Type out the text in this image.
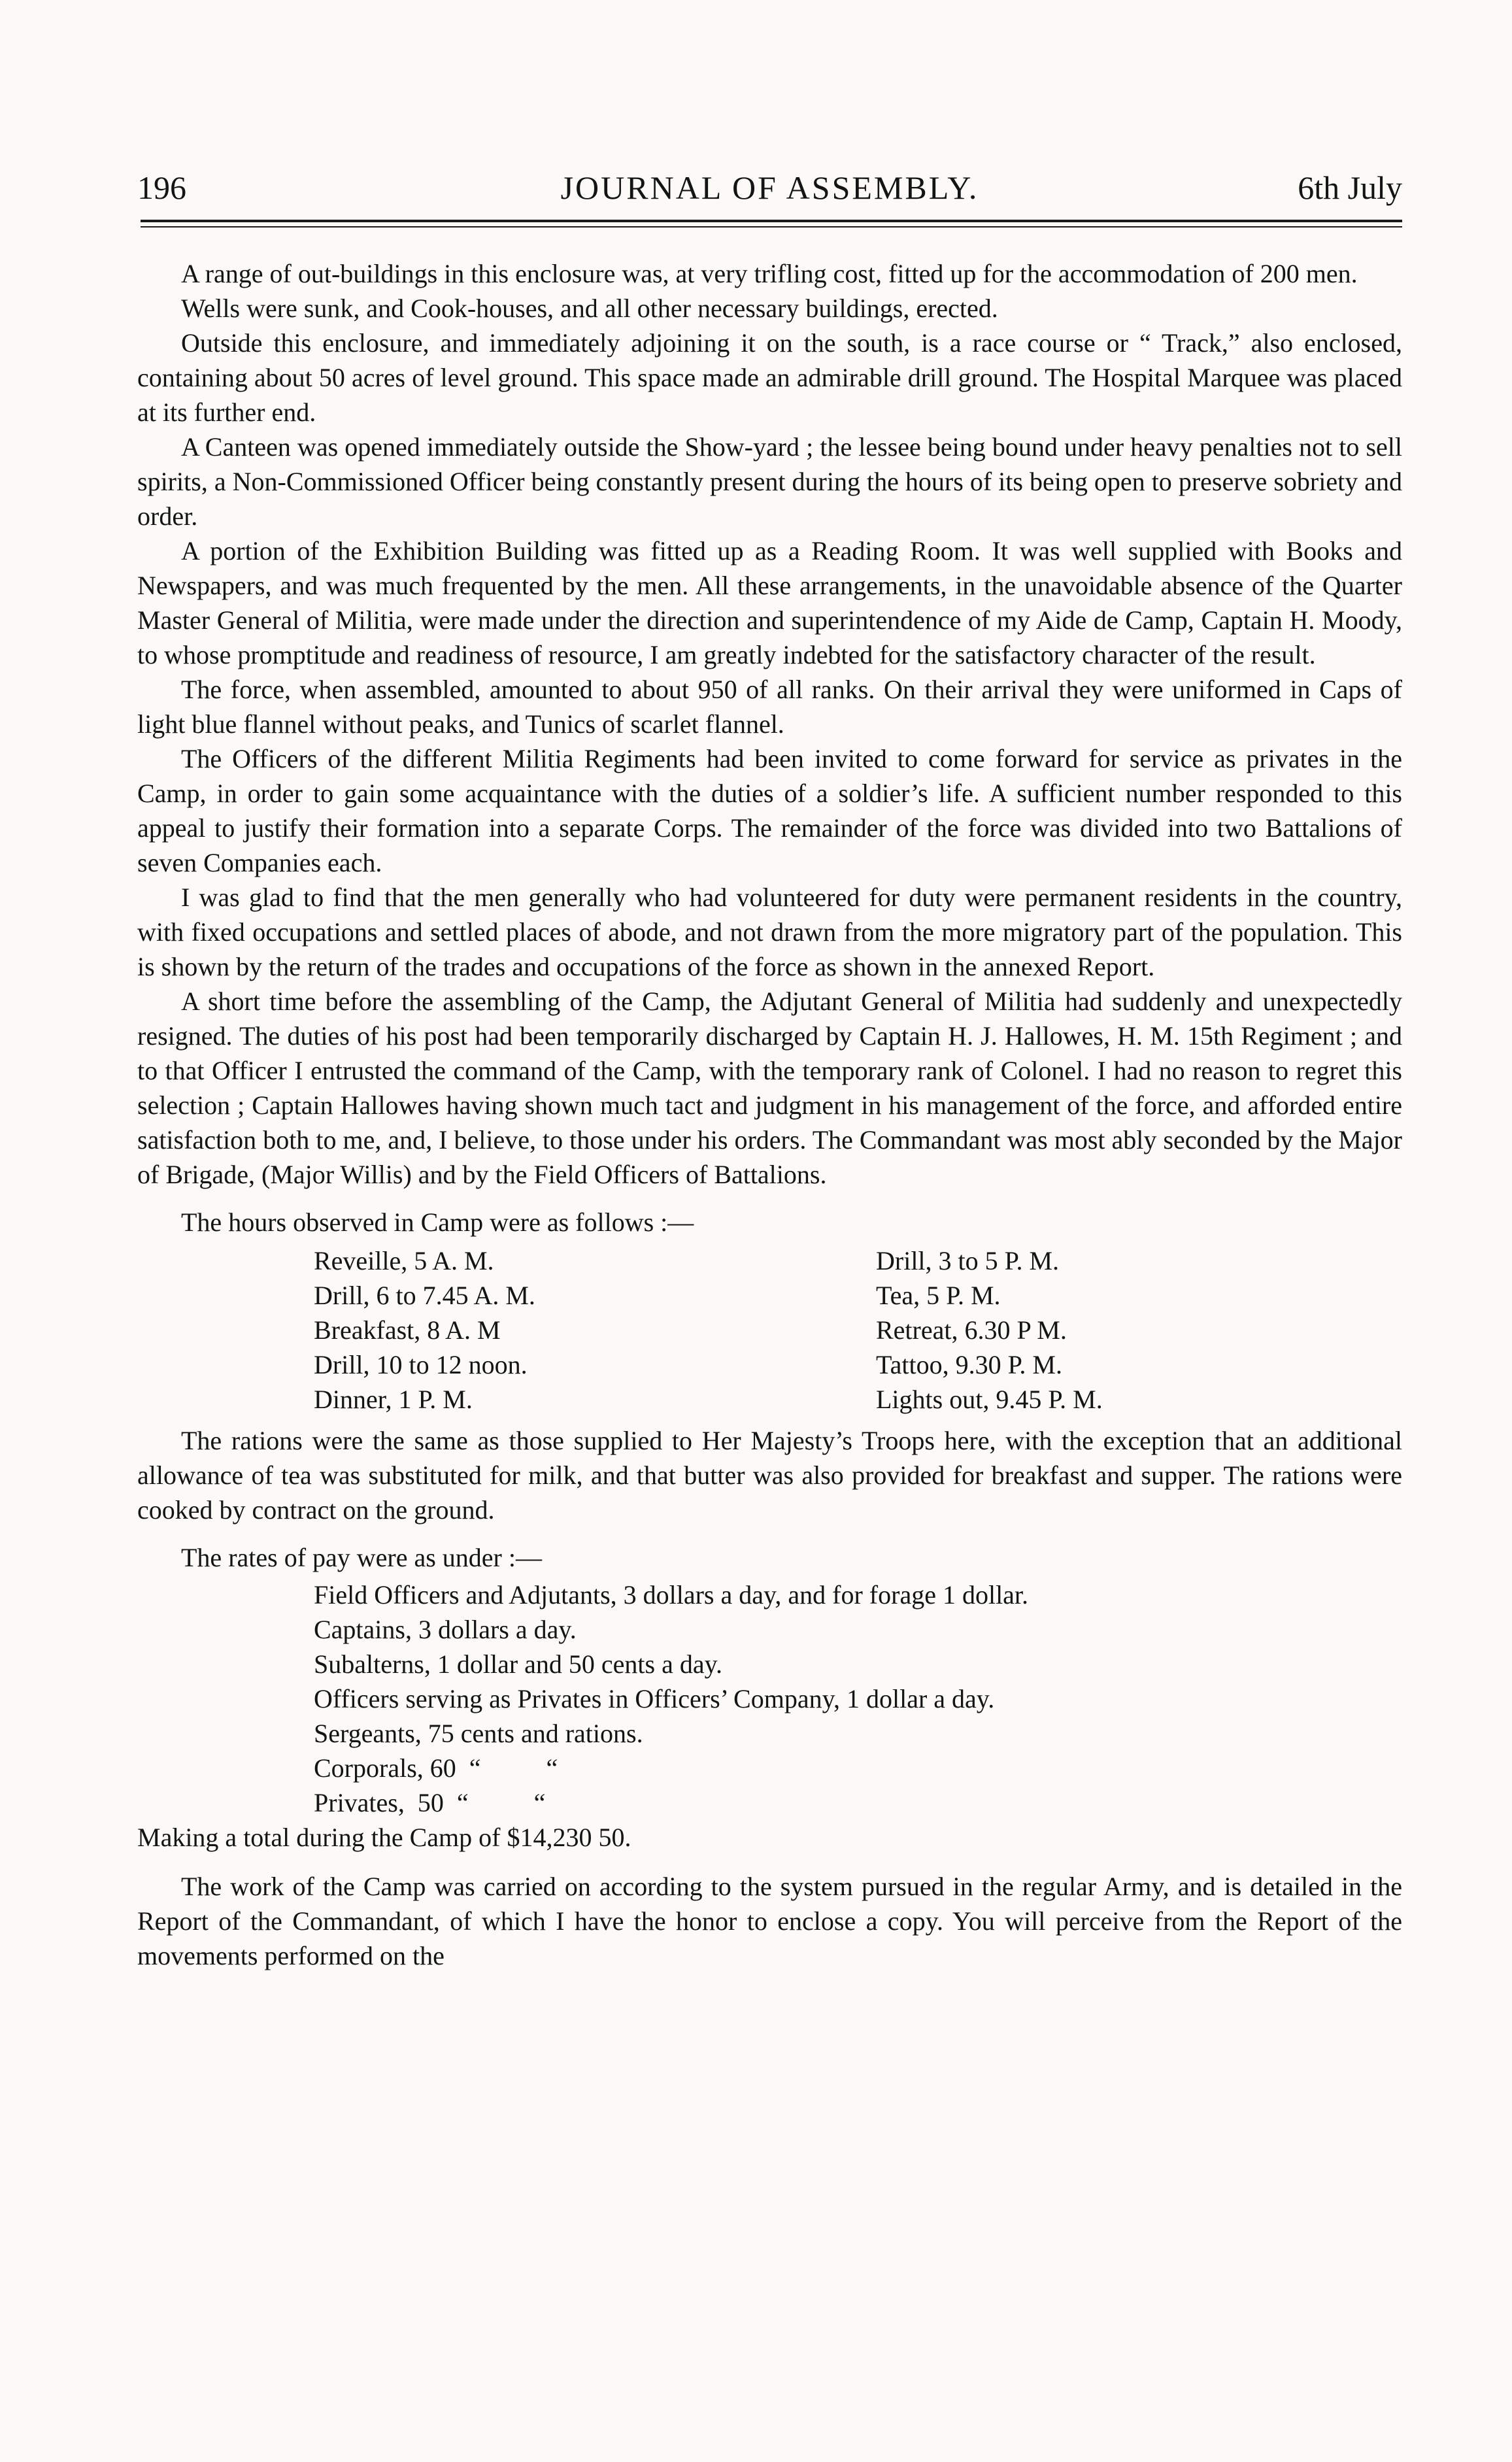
196	JOURNAL OF ASSEMBLY.	6th July

A range of out-buildings in this enclosure was, at very trifling cost, fitted up for the accommodation of 200 men.

Wells were sunk, and Cook-houses, and all other necessary buildings, erected.

Outside this enclosure, and immediately adjoining it on the south, is a race course or “ Track,” also enclosed, containing about 50 acres of level ground. This space made an admirable drill ground. The Hospital Marquee was placed at its further end.

A Canteen was opened immediately outside the Show-yard ; the lessee being bound under heavy penalties not to sell spirits, a Non-Commissioned Officer being constantly present during the hours of its being open to preserve sobriety and order.

A portion of the Exhibition Building was fitted up as a Reading Room. It was well supplied with Books and Newspapers, and was much frequented by the men. All these arrangements, in the unavoidable absence of the Quarter Master General of Militia, were made under the direction and superintendence of my Aide de Camp, Captain H. Moody, to whose promptitude and readiness of resource, I am greatly indebted for the satisfactory character of the result.

The force, when assembled, amounted to about 950 of all ranks. On their arrival they were uniformed in Caps of light blue flannel without peaks, and Tunics of scarlet flannel.

The Officers of the different Militia Regiments had been invited to come forward for service as privates in the Camp, in order to gain some acquaintance with the duties of a soldier’s life. A sufficient number responded to this appeal to justify their formation into a separate Corps. The remainder of the force was divided into two Battalions of seven Companies each.

I was glad to find that the men generally who had volunteered for duty were permanent residents in the country, with fixed occupations and settled places of abode, and not drawn from the more migratory part of the population. This is shown by the return of the trades and occupations of the force as shown in the annexed Report.

A short time before the assembling of the Camp, the Adjutant General of Militia had suddenly and unexpectedly resigned. The duties of his post had been temporarily discharged by Captain H. J. Hallowes, H. M. 15th Regiment ; and to that Officer I entrusted the command of the Camp, with the temporary rank of Colonel. I had no reason to regret this selection ; Captain Hallowes having shown much tact and judgment in his management of the force, and afforded entire satisfaction both to me, and, I believe, to those under his orders. The Commandant was most ably seconded by the Major of Brigade, (Major Willis) and by the Field Officers of Battalions.

The hours observed in Camp were as follows :—

Reveille, 5 A. M.
Drill, 6 to 7.45 A. M.
Breakfast, 8 A. M
Drill, 10 to 12 noon.
Dinner, 1 P. M.
Drill, 3 to 5 P. M.
Tea, 5 P. M.
Retreat, 6.30 P M.
Tattoo, 9.30 P. M.
Lights out, 9.45 P. M.

The rations were the same as those supplied to Her Majesty’s Troops here, with the exception that an additional allowance of tea was substituted for milk, and that butter was also provided for breakfast and supper. The rations were cooked by contract on the ground.

The rates of pay were as under :—

Field Officers and Adjutants, 3 dollars a day, and for forage 1 dollar.
Captains, 3 dollars a day.
Subalterns, 1 dollar and 50 cents a day.
Officers serving as Privates in Officers’ Company, 1 dollar a day.
Sergeants, 75 cents and rations.
Corporals, 60  “          “
Privates,  50  “          “

Making a total during the Camp of $14,230 50.

The work of the Camp was carried on according to the system pursued in the regular Army, and is detailed in the Report of the Commandant, of which I have the honor to enclose a copy. You will perceive from the Report of the movements performed on the
